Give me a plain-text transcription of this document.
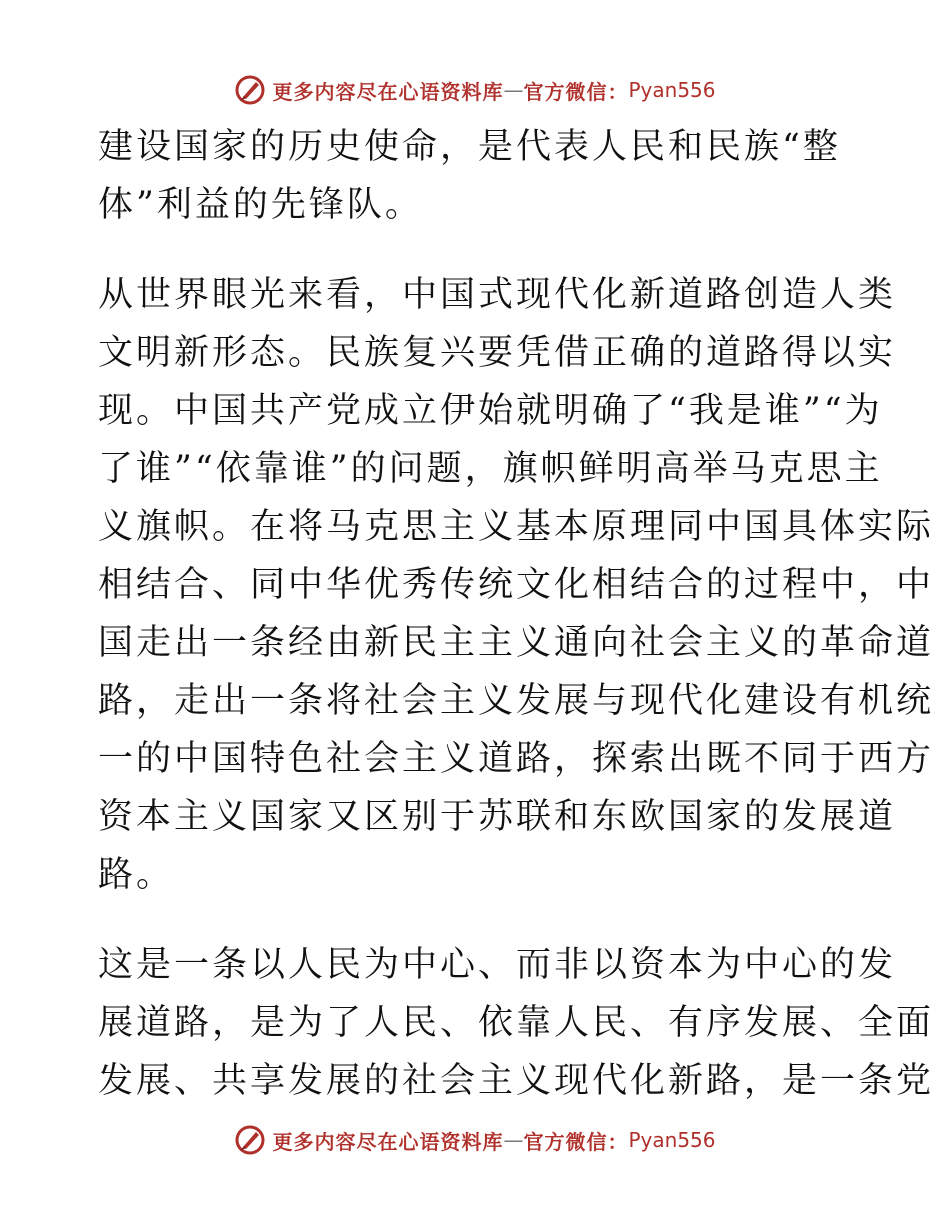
更多内容尽在心语资料库 — 官方微信： Pyan556
建设国家的历史使命，是代表人民和民族“整
体”利益的先锋队。
从世界眼光来看，中国式现代化新道路创造人类
文明新形态。民族复兴要凭借正确的道路得以实
现。中国共产党成立伊始就明确了“我是谁”“为
了谁”“依靠谁”的问题，旗帜鲜明高举马克思主
义旗帜。在将马克思主义基本原理同中国具体实际
相结合、同中华优秀传统文化相结合的过程中，中
国走出一条经由新民主主义通向社会主义的革命道
路，走出一条将社会主义发展与现代化建设有机统
一的中国特色社会主义道路，探索出既不同于西方
资本主义国家又区别于苏联和东欧国家的发展道
路。
这是一条以人民为中心、而非以资本为中心的发
展道路，是为了人民、依靠人民、有序发展、全面
发展、共享发展的社会主义现代化新路，是一条党
更多内容尽在心语资料库 — 官方微信： Pyan556
